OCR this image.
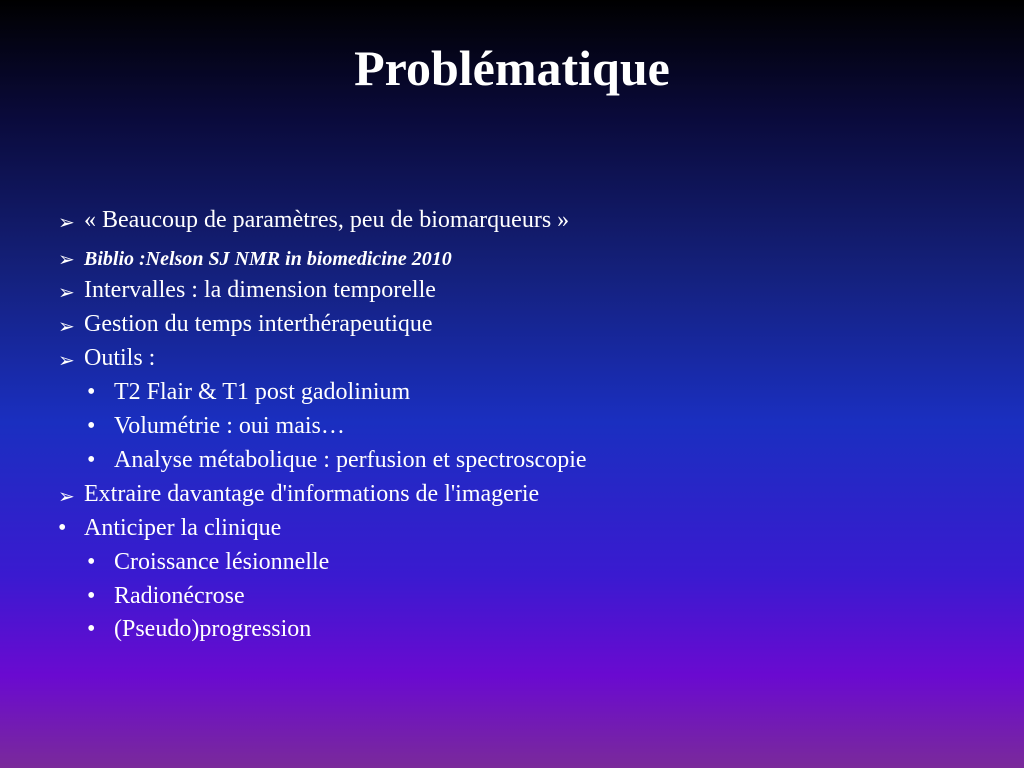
Problématique
➢ « Beaucoup de paramètres, peu de biomarqueurs »
➢ Biblio :Nelson SJ NMR in biomedicine 2010
➢ Intervalles : la dimension temporelle
➢ Gestion du temps interthérapeutique
➢ Outils :
• T2 Flair & T1 post gadolinium
• Volumétrie : oui mais…
• Analyse métabolique : perfusion et spectroscopie
➢ Extraire davantage d'informations de l'imagerie
• Anticiper la clinique
• Croissance lésionnelle
• Radionécrose
• (Pseudo)progression
